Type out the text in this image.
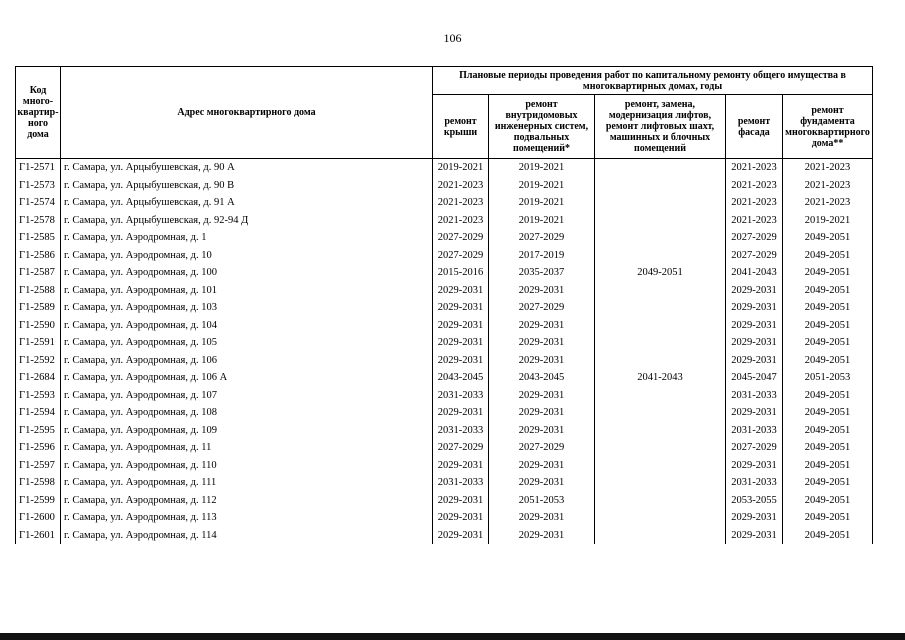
106
Код много-квартир-ного дома	Адрес многоквартирного дома	Плановые периоды проведения работ по капитальному ремонту общего имущества в многоквартирных домах, годы				
		ремонт крыши	ремонт внутридомовых инженерных систем, подвальных помещений*	ремонт, замена, модернизация лифтов, ремонт лифтовых шахт, машинных и блочных помещений	ремонт фасада	ремонт фундамента многоквартирного дома**
Г1-2571	г. Самара, ул. Арцыбушевская, д. 90 А	2019-2021	2019-2021		2021-2023	2021-2023
Г1-2573	г. Самара, ул. Арцыбушевская, д. 90 В	2021-2023	2019-2021		2021-2023	2021-2023
Г1-2574	г. Самара, ул. Арцыбушевская, д. 91 А	2021-2023	2019-2021		2021-2023	2021-2023
Г1-2578	г. Самара, ул. Арцыбушевская, д. 92-94 Д	2021-2023	2019-2021		2021-2023	2019-2021
Г1-2585	г. Самара, ул. Аэродромная, д. 1	2027-2029	2027-2029		2027-2029	2049-2051
Г1-2586	г. Самара, ул. Аэродромная, д. 10	2027-2029	2017-2019		2027-2029	2049-2051
Г1-2587	г. Самара, ул. Аэродромная, д. 100	2015-2016	2035-2037	2049-2051	2041-2043	2049-2051
Г1-2588	г. Самара, ул. Аэродромная, д. 101	2029-2031	2029-2031		2029-2031	2049-2051
Г1-2589	г. Самара, ул. Аэродромная, д. 103	2029-2031	2027-2029		2029-2031	2049-2051
Г1-2590	г. Самара, ул. Аэродромная, д. 104	2029-2031	2029-2031		2029-2031	2049-2051
Г1-2591	г. Самара, ул. Аэродромная, д. 105	2029-2031	2029-2031		2029-2031	2049-2051
Г1-2592	г. Самара, ул. Аэродромная, д. 106	2029-2031	2029-2031		2029-2031	2049-2051
Г1-2684	г. Самара, ул. Аэродромная, д. 106 А	2043-2045	2043-2045	2041-2043	2045-2047	2051-2053
Г1-2593	г. Самара, ул. Аэродромная, д. 107	2031-2033	2029-2031		2031-2033	2049-2051
Г1-2594	г. Самара, ул. Аэродромная, д. 108	2029-2031	2029-2031		2029-2031	2049-2051
Г1-2595	г. Самара, ул. Аэродромная, д. 109	2031-2033	2029-2031		2031-2033	2049-2051
Г1-2596	г. Самара, ул. Аэродромная, д. 11	2027-2029	2027-2029		2027-2029	2049-2051
Г1-2597	г. Самара, ул. Аэродромная, д. 110	2029-2031	2029-2031		2029-2031	2049-2051
Г1-2598	г. Самара, ул. Аэродромная, д. 111	2031-2033	2029-2031		2031-2033	2049-2051
Г1-2599	г. Самара, ул. Аэродромная, д. 112	2029-2031	2051-2053		2053-2055	2049-2051
Г1-2600	г. Самара, ул. Аэродромная, д. 113	2029-2031	2029-2031		2029-2031	2049-2051
Г1-2601	г. Самара, ул. Аэродромная, д. 114	2029-2031	2029-2031		2029-2031	2049-2051
